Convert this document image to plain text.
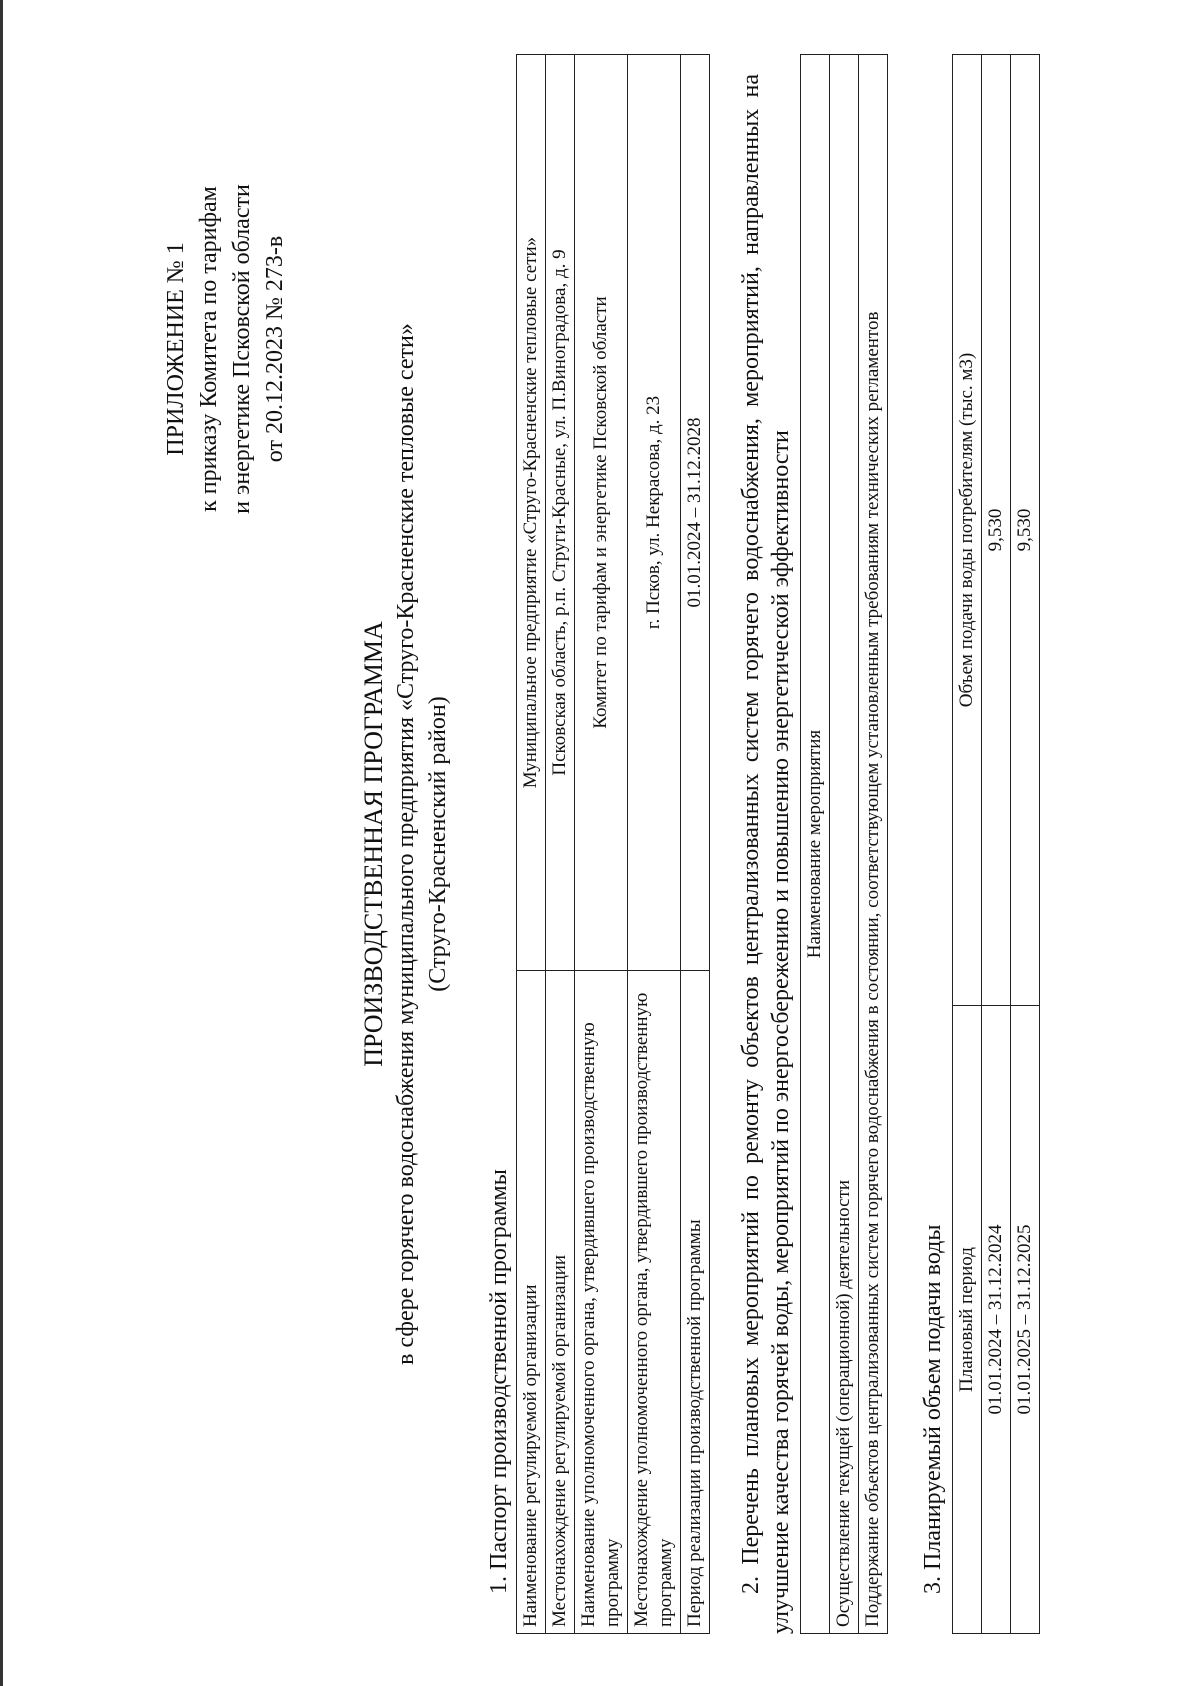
ПРИЛОЖЕНИЕ № 1 к приказу Комитета по тарифам и энергетике Псковской области от 20.12.2023 № 273-в
ПРОИЗВОДСТВЕННАЯ ПРОГРАММА в сфере горячего водоснабжения муниципального предприятия «Струго-Красненские тепловые сети» (Струго-Красненский район)
1. Паспорт производственной программы Наименование регулируемой организации	Муниципальное предприятие «Струго-Красненские тепловые сети»
Местонахождение регулируемой организации	Псковская область, р.п. Струги-Красные, ул. П.Виноградова, д. 9
Наименование уполномоченного органа, утвердившего производственную программу	Комитет по тарифам и энергетике Псковской области
Местонахождение уполномоченного органа, утвердившего производственную программу	г. Псков, ул. Некрасова, д. 23
Период реализации производственной программы	01.01.2024 – 31.12.2028 2. Перечень плановых мероприятий по ремонту объектов централизованных систем горячего водоснабжения, мероприятий, направленных на улучшение качества горячей воды, мероприятий по энергосбережению и повышению энергетической эффективности Наименование мероприятия
Осуществление текущей (операционной) деятельности
Поддержание объектов централизованных систем горячего водоснабжения в состоянии, соответствующем установленным требованиям технических регламентов 3. Планируемый объем подачи воды Плановый период	Объем подачи воды потребителям (тыс. м3)
01.01.2024 – 31.12.2024	9,530
01.01.2025 – 31.12.2025	9,530
